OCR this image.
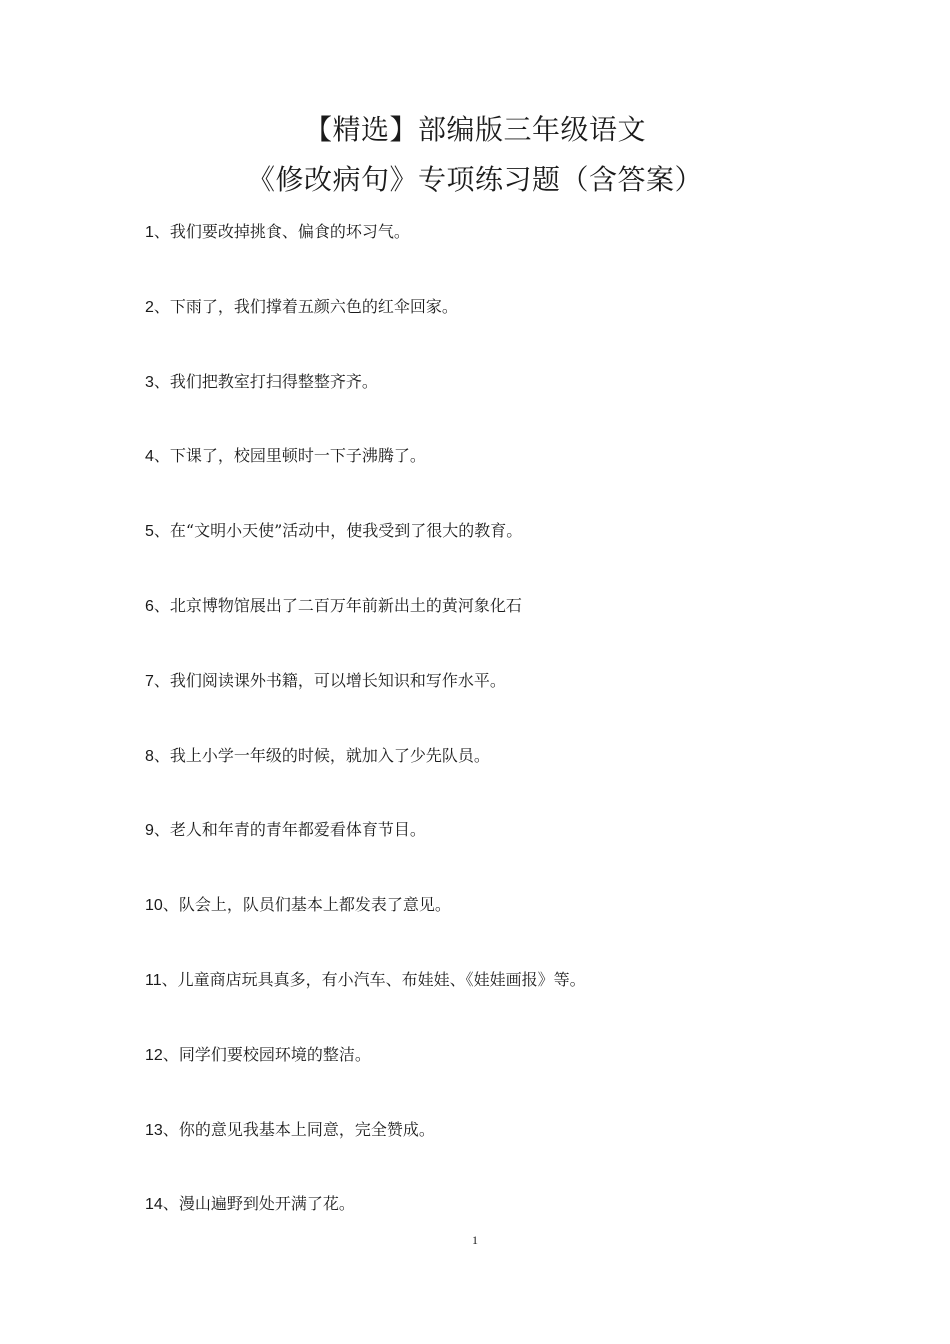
【精选】部编版三年级语文
《修改病句》专项练习题（含答案）
1、我们要改掉挑食、偏食的坏习气。
2、下雨了，我们撑着五颜六色的红伞回家。
3、我们把教室打扫得整整齐齐。
4、下课了，校园里顿时一下子沸腾了。
5、在“文明小天使”活动中，使我受到了很大的教育。
6、北京博物馆展出了二百万年前新出土的黄河象化石
7、我们阅读课外书籍，可以增长知识和写作水平。
8、我上小学一年级的时候，就加入了少先队员。
9、老人和年青的青年都爱看体育节目。
10、队会上，队员们基本上都发表了意见。
11、儿童商店玩具真多，有小汽车、布娃娃、《娃娃画报》等。
12、同学们要校园环境的整洁。
13、你的意见我基本上同意，完全赞成。
14、漫山遍野到处开满了花。
1
